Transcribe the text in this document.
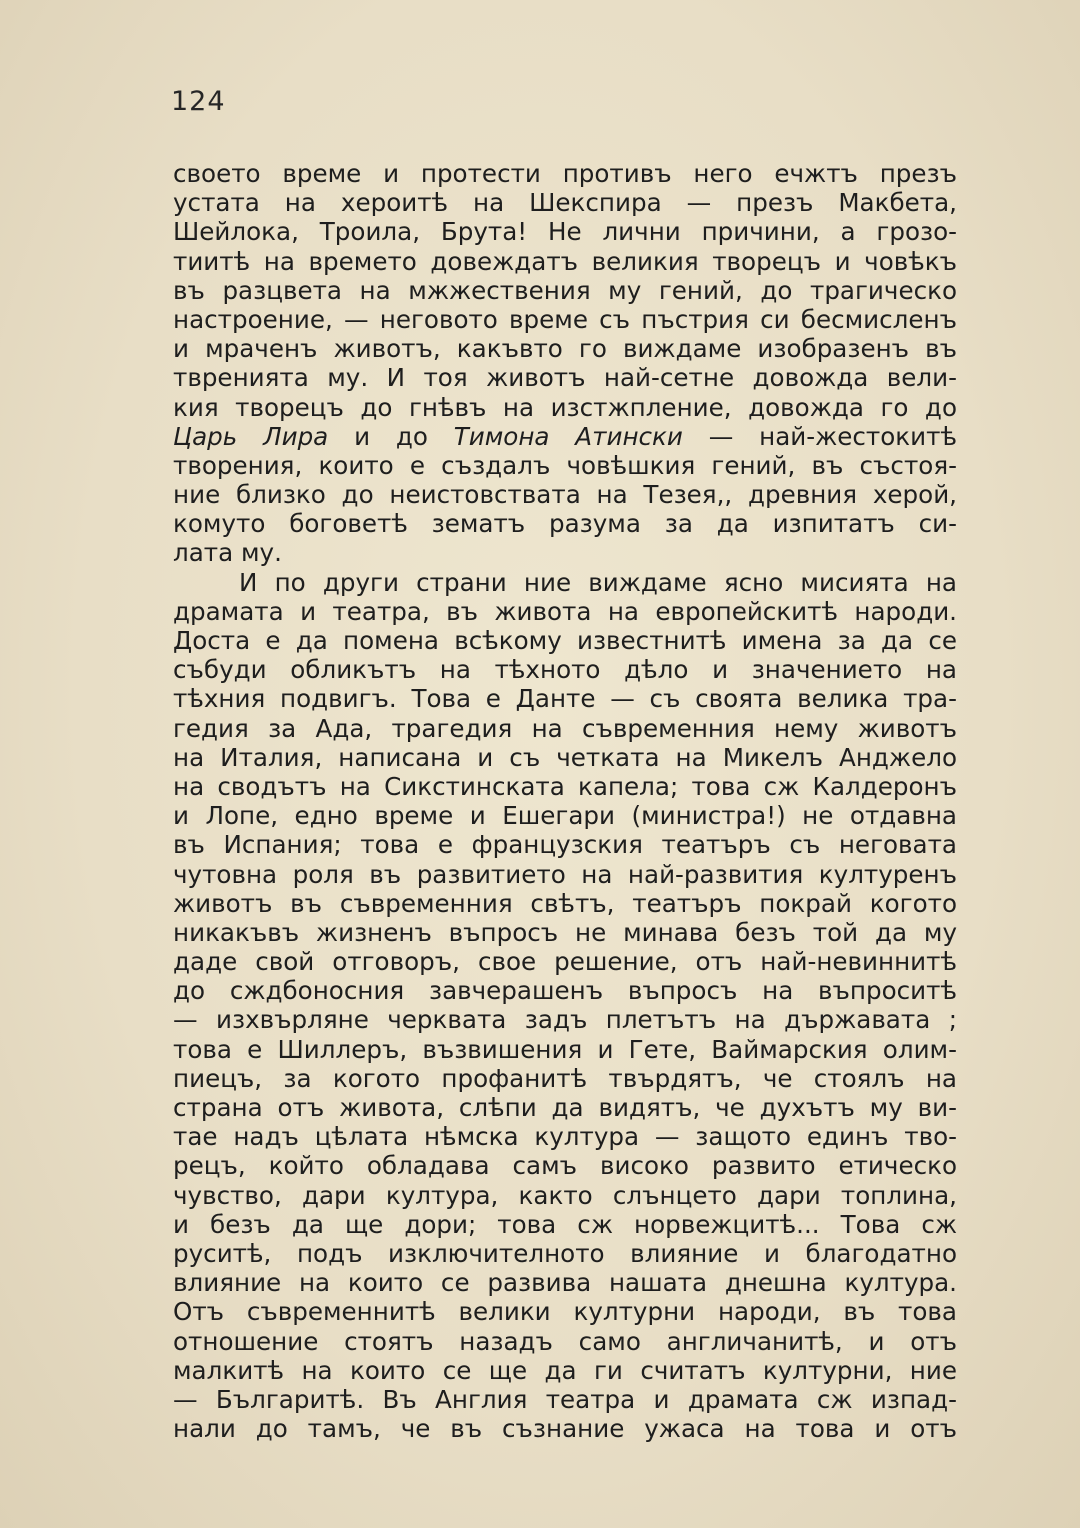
124
своето време и протести противъ него ечжтъ презъ
устата на хероитѣ на Шекспира — презъ Макбета,
Шейлока, Троила, Брута! Не лични причини, а грозо-
тиитѣ на времето довеждатъ великия творецъ и човѣкъ
въ разцвета на мжжествения му гений, до трагическо
настроение, — неговото време съ пъстрия си бесмисленъ
и мраченъ животъ, какъвто го виждаме изобразенъ въ
твренията му. И тоя животъ най-сетне довожда вели-
кия творецъ до гнѣвъ на изстжпление, довожда го до
Царь Лира и до Тимона Атински — най-жестокитѣ
творения, които е създалъ човѣшкия гений, въ състоя-
ние близко до неистовствата на Тезея,, древния херой,
комуто боговетѣ зематъ разума за да изпитатъ си-
лата му.
И по други страни ние виждаме ясно мисията на
драмата и театра, въ живота на европейскитѣ народи.
Доста е да помена всѣкому известнитѣ имена за да се
събуди обликътъ на тѣхното дѣло и значението на
тѣхния подвигъ. Това е Данте — съ своята велика тра-
гедия за Ада, трагедия на съвременния нему животъ
на Италия, написана и съ четката на Микелъ Анджело
на сводътъ на Сикстинската капела; това сж Калдеронъ
и Лопе, едно време и Ешегари (министра!) не отдавна
въ Испания; това е французския театъръ съ неговата
чутовна роля въ развитието на най-развития културенъ
животъ въ съвременния свѣтъ, театъръ покрай когото
никакъвъ жизненъ въпросъ не минава безъ той да му
даде свой отговоръ, свое решение, отъ най-невиннитѣ
до сждбоносния завчерашенъ въпросъ на въпроситѣ
— изхвърляне черквата задъ плетътъ на държавата ;
това е Шиллеръ, възвишения и Гете, Ваймарския олим-
пиецъ, за когото профанитѣ твърдятъ, че стоялъ на
страна отъ живота, слѣпи да видятъ, че духътъ му ви-
тае надъ цѣлата нѣмска култура — защото единъ тво-
рецъ, който обладава самъ високо развито етическо
чувство, дари култура, както слънцето дари топлина,
и безъ да ще дори; това сж норвежцитѣ... Това сж
руситѣ, подъ изключителното влияние и благодатно
влияние на които се развива нашата днешна култура.
Отъ съвременнитѣ велики културни народи, въ това
отношение стоятъ назадъ само англичанитѣ, и отъ
малкитѣ на които се ще да ги считатъ културни, ние
— Българитѣ. Въ Англия театра и драмата сж изпад-
нали до тамъ, че въ съзнание ужаса на това и отъ
